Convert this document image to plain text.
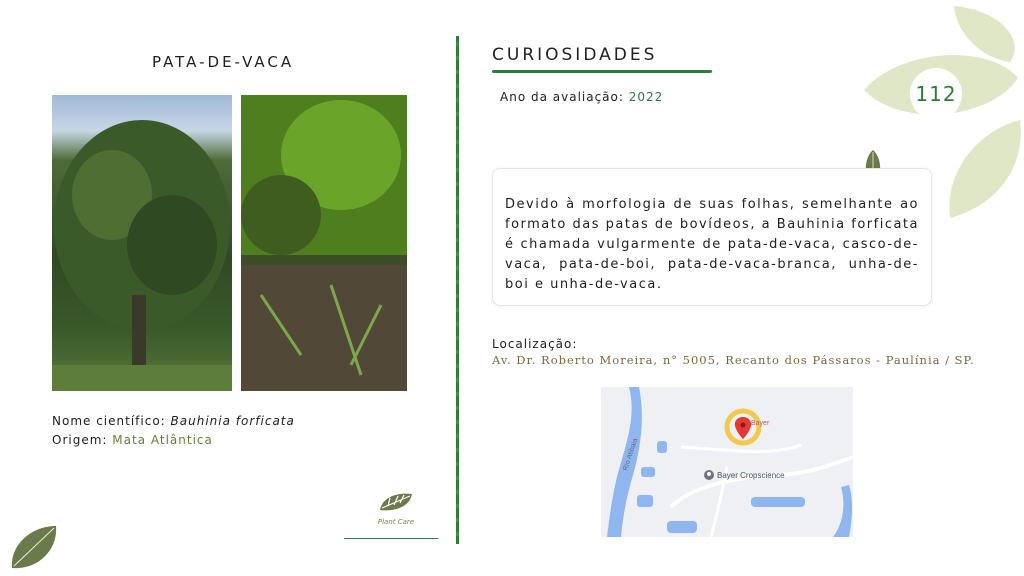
112
PATA-DE-VACA
Nome científico: Bauhinia forficata
Origem: Mata Atlântica
Plant Care
CURIOSIDADES
Ano da avaliação: 2022

Devido à morfologia de suas folhas, semelhante ao formato das patas de bovídeos, a Bauhinia forficata é chamada vulgarmente de pata-de-vaca, casco-de-vaca, pata-de-boi, pata-de-vaca-branca, unha-de-boi e unha-de-vaca.

Localização:
Av. Dr. Roberto Moreira, n° 5005, Recanto dos Pássaros - Paulínia / SP.
Rio Atibaia
Bayer Cropscience
Bayer
